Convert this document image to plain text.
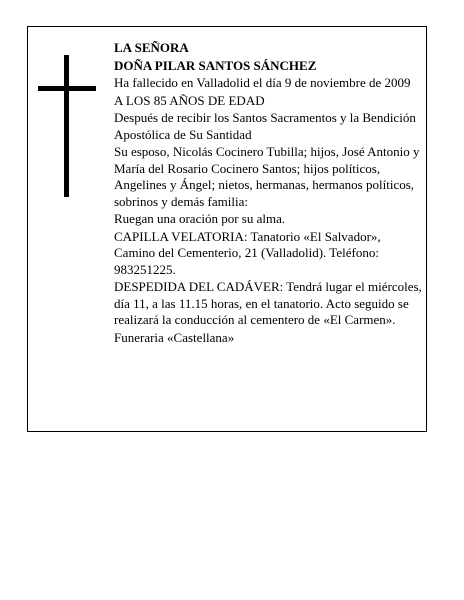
LA SEÑORA

DOÑA PILAR SANTOS SÁNCHEZ

Ha fallecido en Valladolid el día 9 de noviembre de 2009

A LOS 85 AÑOS DE EDAD

Después de recibir los Santos Sacramentos y la Bendición Apostólica de Su Santidad

Su esposo, Nicolás Cocinero Tubilla; hijos, José Antonio y María del Rosario Cocinero Santos; hijos políticos, Angelines y Ángel; nietos, hermanas, hermanos políticos, sobrinos y demás familia:

Ruegan una oración por su alma.

CAPILLA VELATORIA: Tanatorio «El Salvador», Camino del Cementerio, 21 (Valladolid). Teléfono: 983251225.

DESPEDIDA DEL CADÁVER: Tendrá lugar el miércoles, día 11, a las 11.15 horas, en el tanatorio. Acto seguido se realizará la conducción al cementero de «El Carmen».

Funeraria «Castellana»
